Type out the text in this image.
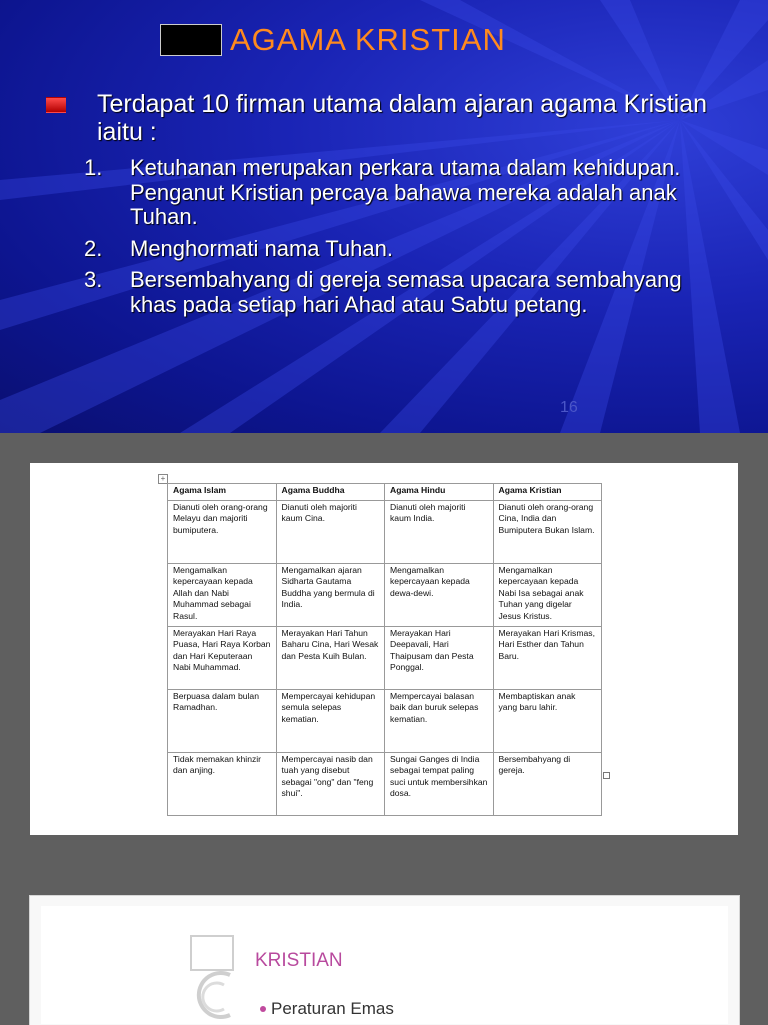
AGAMA KRISTIAN
Terdapat 10 firman utama dalam ajaran agama Kristian iaitu :
1. Ketuhanan merupakan perkara utama dalam kehidupan. Penganut Kristian percaya bahawa mereka adalah anak Tuhan.
2. Menghormati nama Tuhan.
3. Bersembahyang di gereja semasa upacara sembahyang khas pada setiap hari Ahad atau Sabtu petang.
16
+
Agama Islam	Agama Buddha	Agama Hindu	Agama Kristian
Dianuti oleh orang-orang Melayu dan majoriti bumiputera.	Dianuti oleh majoriti kaum Cina.	Dianuti oleh majoriti kaum India.	Dianuti oleh orang-orang Cina, India dan Bumiputera Bukan Islam.
Mengamalkan kepercayaan kepada Allah dan Nabi Muhammad sebagai Rasul.	Mengamalkan ajaran Sidharta Gautama Buddha yang bermula di India.	Mengamalkan kepercayaan kepada dewa-dewi.	Mengamalkan kepercayaan kepada Nabi Isa sebagai anak Tuhan yang digelar Jesus Kristus.
Merayakan Hari Raya Puasa, Hari Raya Korban dan Hari Keputeraan Nabi Muhammad.	Merayakan Hari Tahun Baharu Cina, Hari Wesak dan Pesta Kuih Bulan.	Merayakan Hari Deepavali, Hari Thaipusam dan Pesta Ponggal.	Merayakan Hari Krismas, Hari Esther dan Tahun Baru.
Berpuasa dalam bulan Ramadhan.	Mempercayai kehidupan semula selepas kematian.	Mempercayai balasan baik dan buruk selepas kematian.	Membaptiskan anak yang baru lahir.
Tidak memakan khinzir dan anjing.	Mempercayai nasib dan tuah yang disebut sebagai "ong" dan "feng shui".	Sungai Ganges di India sebagai tempat paling suci untuk membersihkan dosa.	Bersembahyang di gereja.
KRISTIAN
Peraturan Emas
